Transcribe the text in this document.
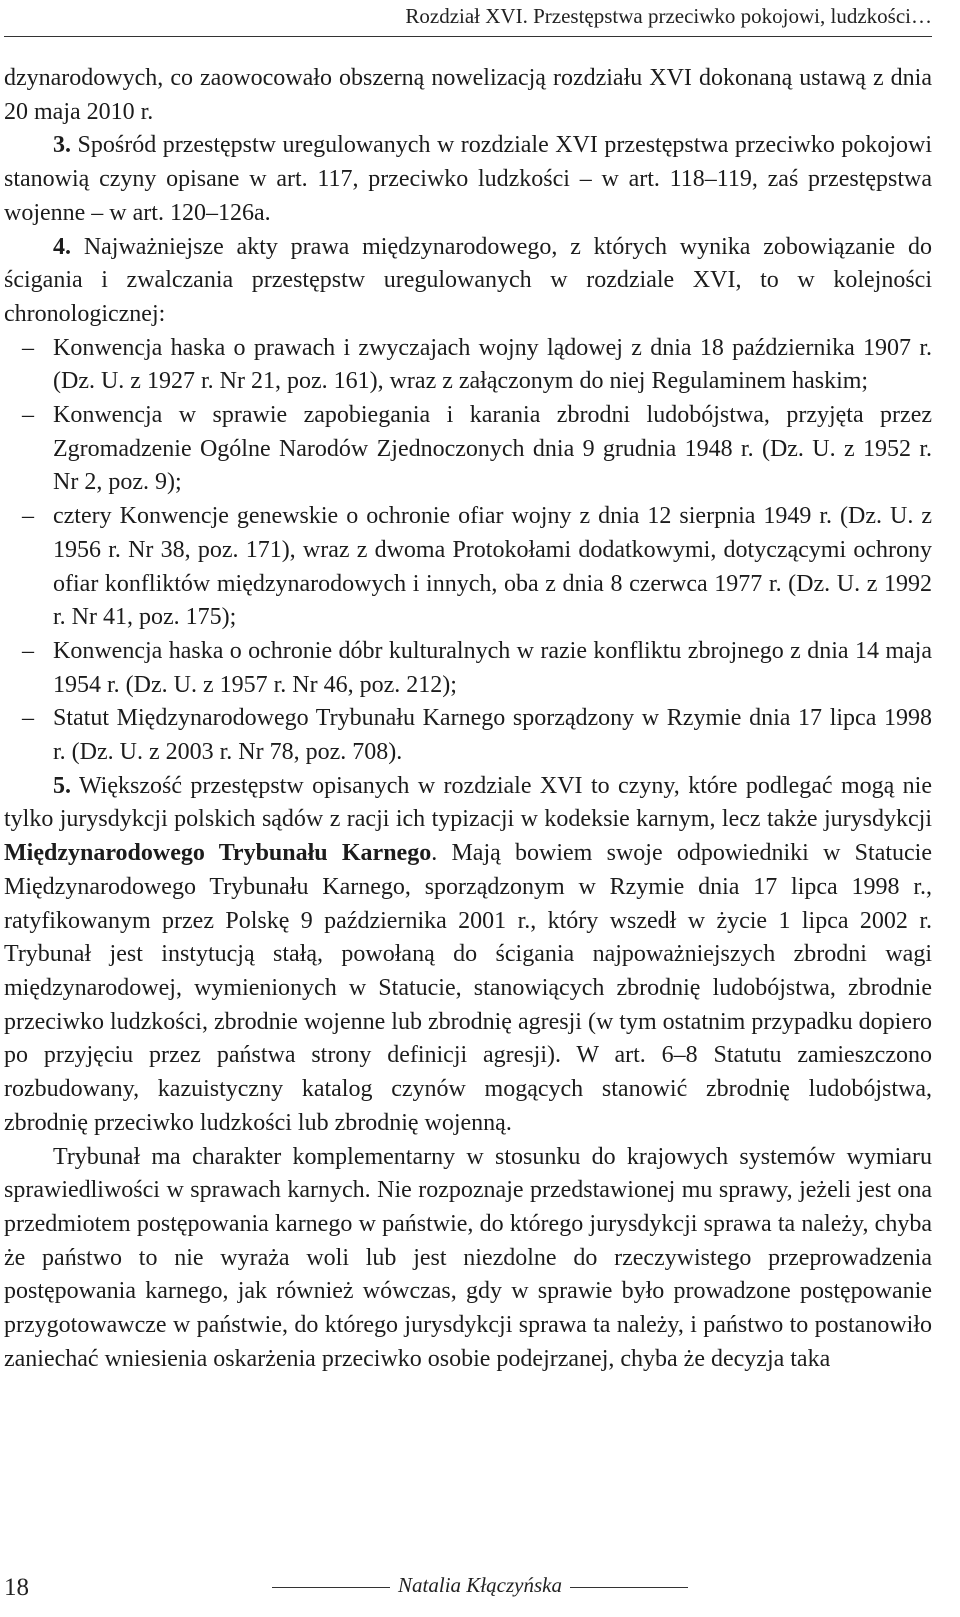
Rozdział XVI. Przestępstwa przeciwko pokojowi, ludzkości…

dzynarodowych, co zaowocowało obszerną nowelizacją rozdziału XVI dokonaną ustawą z dnia 20 maja 2010 r.

3. Spośród przestępstw uregulowanych w rozdziale XVI przestępstwa przeciwko pokojowi stanowią czyny opisane w art. 117, przeciwko ludzkości – w art. 118–119, zaś przestępstwa wojenne – w art. 120–126a.

4. Najważniejsze akty prawa międzynarodowego, z których wynika zobowiązanie do ścigania i zwalczania przestępstw uregulowanych w rozdziale XVI, to w kolejności chronologicznej:

– Konwencja haska o prawach i zwyczajach wojny lądowej z dnia 18 października 1907 r. (Dz. U. z 1927 r. Nr 21, poz. 161), wraz z załączonym do niej Regulaminem haskim;
– Konwencja w sprawie zapobiegania i karania zbrodni ludobójstwa, przyjęta przez Zgromadzenie Ogólne Narodów Zjednoczonych dnia 9 grudnia 1948 r. (Dz. U. z 1952 r. Nr 2, poz. 9);
– cztery Konwencje genewskie o ochronie ofiar wojny z dnia 12 sierpnia 1949 r. (Dz. U. z 1956 r. Nr 38, poz. 171), wraz z dwoma Protokołami dodatkowymi, dotyczącymi ochrony ofiar konfliktów międzynarodowych i innych, oba z dnia 8 czerwca 1977 r. (Dz. U. z 1992 r. Nr 41, poz. 175);
– Konwencja haska o ochronie dóbr kulturalnych w razie konfliktu zbrojnego z dnia 14 maja 1954 r. (Dz. U. z 1957 r. Nr 46, poz. 212);
– Statut Międzynarodowego Trybunału Karnego sporządzony w Rzymie dnia 17 lipca 1998 r. (Dz. U. z 2003 r. Nr 78, poz. 708).

5. Większość przestępstw opisanych w rozdziale XVI to czyny, które podlegać mogą nie tylko jurysdykcji polskich sądów z racji ich typizacji w kodeksie karnym, lecz także jurysdykcji Międzynarodowego Trybunału Karnego. Mają bowiem swoje odpowiedniki w Statucie Międzynarodowego Trybunału Karnego, sporządzonym w Rzymie dnia 17 lipca 1998 r., ratyfikowanym przez Polskę 9 października 2001 r., który wszedł w życie 1 lipca 2002 r. Trybunał jest instytucją stałą, powołaną do ścigania najpoważniejszych zbrodni wagi międzynarodowej, wymienionych w Statucie, stanowiących zbrodnię ludobójstwa, zbrodnie przeciwko ludzkości, zbrodnie wojenne lub zbrodnię agresji (w tym ostatnim przypadku dopiero po przyjęciu przez państwa strony definicji agresji). W art. 6–8 Statutu zamieszczono rozbudowany, kazuistyczny katalog czynów mogących stanowić zbrodnię ludobójstwa, zbrodnię przeciwko ludzkości lub zbrodnię wojenną.

Trybunał ma charakter komplementarny w stosunku do krajowych systemów wymiaru sprawiedliwości w sprawach karnych. Nie rozpoznaje przedstawionej mu sprawy, jeżeli jest ona przedmiotem postępowania karnego w państwie, do którego jurysdykcji sprawa ta należy, chyba że państwo to nie wyraża woli lub jest niezdolne do rzeczywistego przeprowadzenia postępowania karnego, jak również wówczas, gdy w sprawie było prowadzone postępowanie przygotowawcze w państwie, do którego jurysdykcji sprawa ta należy, i państwo to postanowiło zaniechać wniesienia oskarżenia przeciwko osobie podejrzanej, chyba że decyzja taka

18	Natalia Kłączyńska
